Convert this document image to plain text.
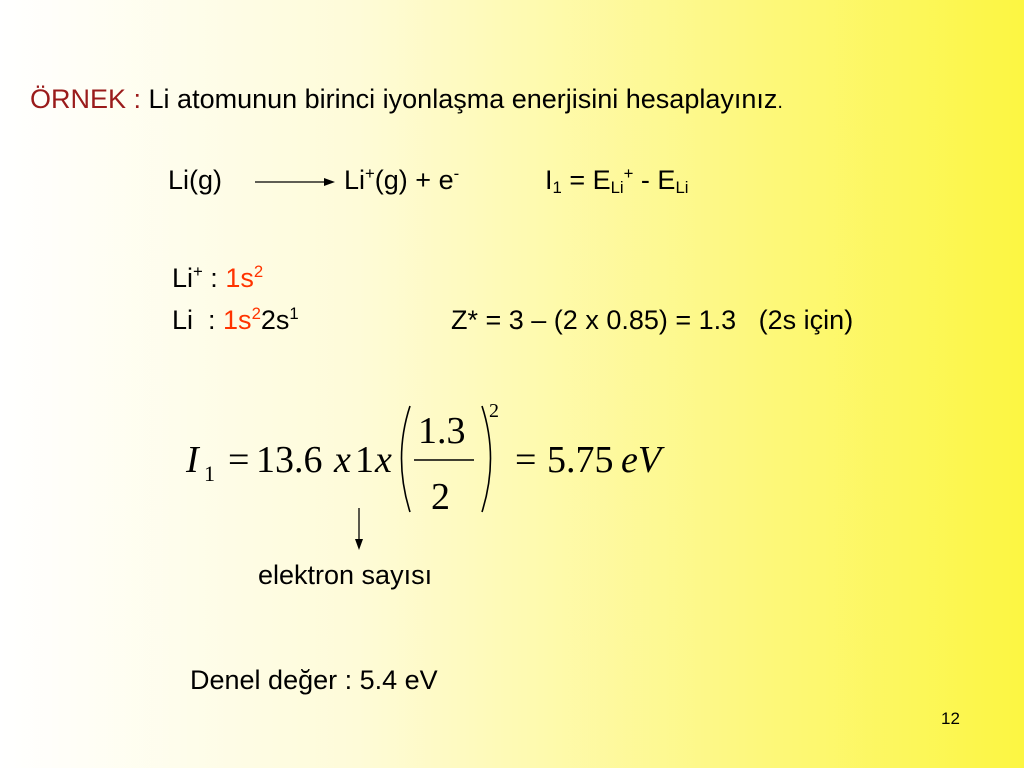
ÖRNEK : Li atomunun birinci iyonlaşma enerjisini hesaplayınız.
Li(g)	Li+(g) + e-	$I_1 = E_{Li}^+ - E_{Li}$
Li+ : $1s^2$
Li  : $1s^22s^1$	Z* = 3 – (2 x 0.85) = 1.3   (2s için)
I 1 = 13.6 x 1 x
1.3
2
2
= 5.75 eV
elektron sayısı
Denel değer : 5.4 eV
12
